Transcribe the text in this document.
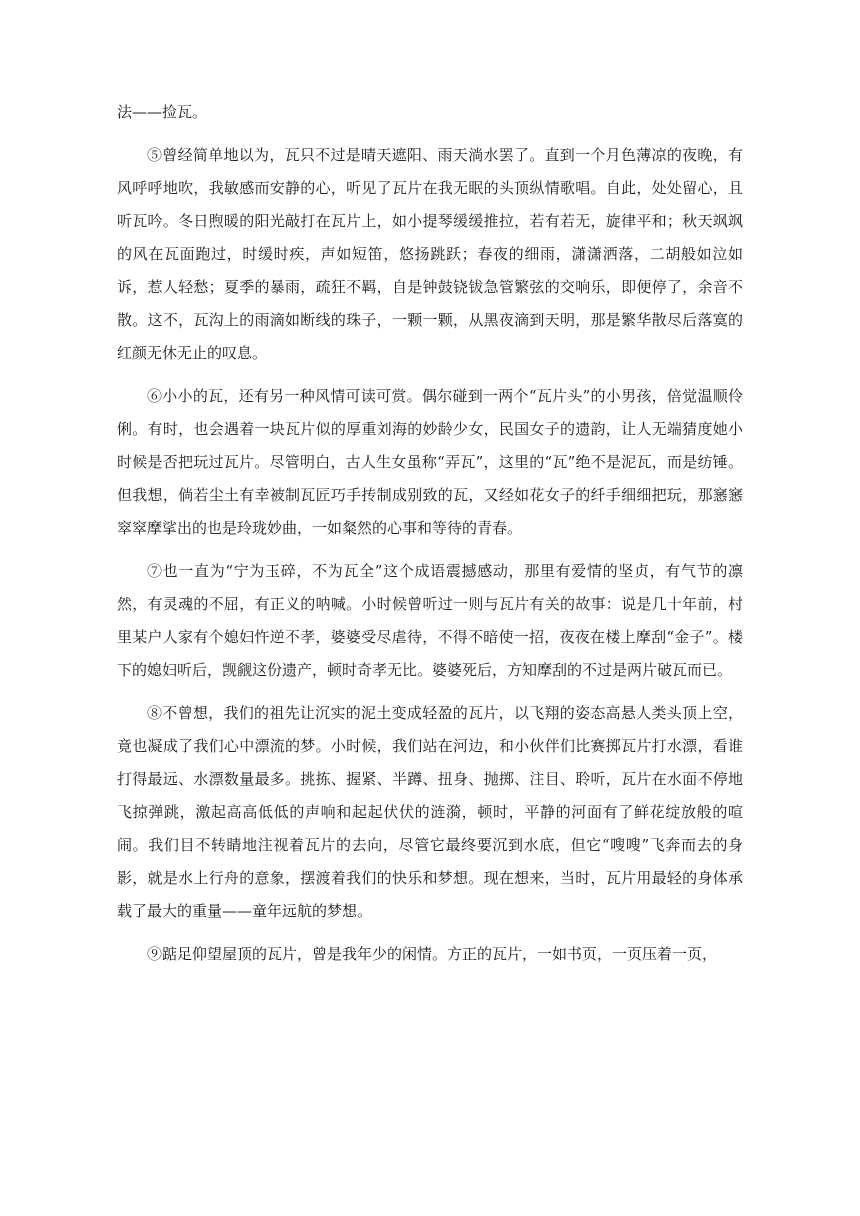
法——捡瓦。

⑤曾经简单地以为，瓦只不过是晴天遮阳、雨天淌水罢了。直到一个月色薄凉的夜晚，有风呼呼地吹，我敏感而安静的心，听见了瓦片在我无眠的头顶纵情歌唱。自此，处处留心，且听瓦吟。冬日煦暖的阳光敲打在瓦片上，如小提琴缓缓推拉，若有若无，旋律平和；秋天飒飒的风在瓦面跑过，时缓时疾，声如短笛，悠扬跳跃；春夜的细雨，潇潇洒落，二胡般如泣如诉，惹人轻愁；夏季的暴雨，疏狂不羁，自是钟鼓铙钹急管繁弦的交响乐，即便停了，余音不散。这不，瓦沟上的雨滴如断线的珠子，一颗一颗，从黑夜滴到天明，那是繁华散尽后落寞的红颜无休无止的叹息。

⑥小小的瓦，还有另一种风情可读可赏。偶尔碰到一两个“瓦片头”的小男孩，倍觉温顺伶俐。有时，也会遇着一块瓦片似的厚重刘海的妙龄少女，民国女子的遗韵，让人无端猜度她小时候是否把玩过瓦片。尽管明白，古人生女虽称“弄瓦”，这里的“瓦”绝不是泥瓦，而是纺锤。但我想，倘若尘土有幸被制瓦匠巧手抟制成别致的瓦，又经如花女子的纤手细细把玩，那窸窸窣窣摩挲出的也是玲珑妙曲，一如粲然的心事和等待的青春。

⑦也一直为“宁为玉碎，不为瓦全”这个成语震撼感动，那里有爱情的坚贞，有气节的凛然，有灵魂的不屈，有正义的呐喊。小时候曾听过一则与瓦片有关的故事：说是几十年前，村里某户人家有个媳妇忤逆不孝，婆婆受尽虐待，不得不暗使一招，夜夜在楼上摩刮“金子”。楼下的媳妇听后，觊觎这份遗产，顿时奇孝无比。婆婆死后，方知摩刮的不过是两片破瓦而已。

⑧不曾想，我们的祖先让沉实的泥土变成轻盈的瓦片，以飞翔的姿态高悬人类头顶上空，竟也凝成了我们心中漂流的梦。小时候，我们站在河边，和小伙伴们比赛掷瓦片打水漂，看谁打得最远、水漂数量最多。挑拣、握紧、半蹲、扭身、抛掷、注目、聆听，瓦片在水面不停地飞掠弹跳，激起高高低低的声响和起起伏伏的涟漪，顿时，平静的河面有了鲜花绽放般的喧闹。我们目不转睛地注视着瓦片的去向，尽管它最终要沉到水底，但它“嗖嗖”飞奔而去的身影，就是水上行舟的意象，摆渡着我们的快乐和梦想。现在想来，当时，瓦片用最轻的身体承载了最大的重量——童年远航的梦想。

⑨踮足仰望屋顶的瓦片，曾是我年少的闲情。方正的瓦片，一如书页，一页压着一页，
